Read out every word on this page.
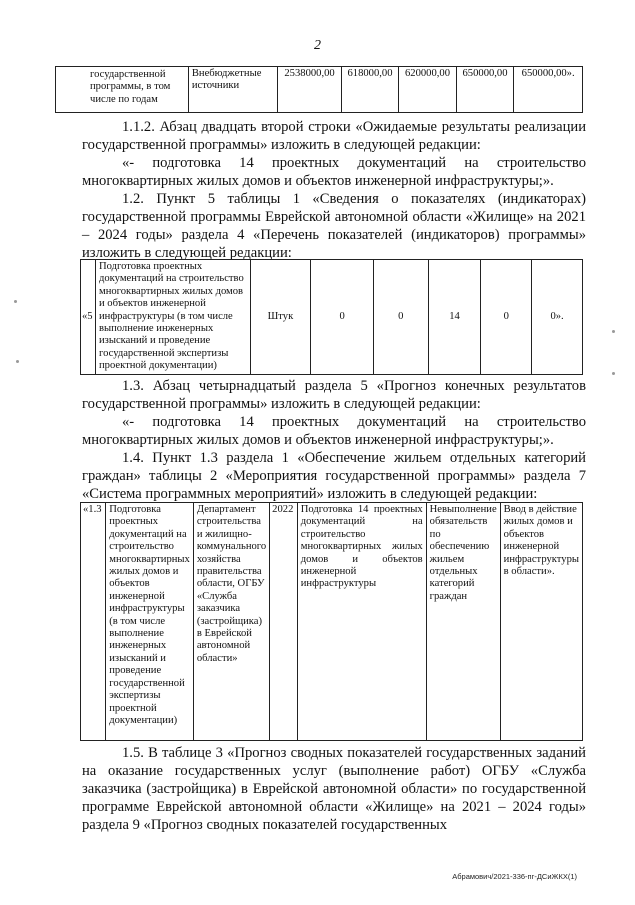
2
государственной программы, в том числе по годам	Внебюджетные источники	2538000,00	618000,00	620000,00	650000,00	650000,00».
1.1.2. Абзац двадцать второй строки «Ожидаемые результаты реализации государственной программы» изложить в следующей редакции:
«- подготовка 14 проектных документаций на строительство многоквартирных жилых домов и объектов инженерной инфраструктуры;».
1.2. Пункт 5 таблицы 1 «Сведения о показателях (индикаторах) государственной программы Еврейской автономной области «Жилище» на 2021 – 2024 годы» раздела 4 «Перечень показателей (индикаторов) программы» изложить в следующей редакции:
«5	Подготовка проектных документаций на строительство многоквартирных жилых домов и объектов инженерной инфраструктуры (в том числе выполнение инженерных изысканий и проведение государственной экспертизы проектной документации)	Штук	0	0	14	0	0».
1.3. Абзац четырнадцатый раздела 5 «Прогноз конечных результатов государственной программы» изложить в следующей редакции:
«- подготовка 14 проектных документаций на строительство многоквартирных жилых домов и объектов инженерной инфраструктуры;».
1.4. Пункт 1.3 раздела 1 «Обеспечение жильем отдельных категорий граждан» таблицы 2 «Мероприятия государственной программы» раздела 7 «Система программных мероприятий» изложить в следующей редакции:
«1.3	Подготовка проектных документаций на строительство многоквартирных жилых домов и объектов инженерной инфраструктуры (в том числе выполнение инженерных изысканий и проведение государственной экспертизы проектной документации)	Департамент строительства и жилищно-коммунального хозяйства правительства области, ОГБУ «Служба заказчика (застройщика) в Еврейской автономной области»	2022	Подготовка 14 проектных документаций на строительство многоквартирных жилых домов и объектов инженерной инфраструктуры	Невыполнение обязательств по обеспечению жильем отдельных категорий граждан	Ввод в действие жилых домов и объектов инженерной инфраструктуры в области».
1.5. В таблице 3 «Прогноз сводных показателей государственных заданий на оказание государственных услуг (выполнение работ) ОГБУ «Служба заказчика (застройщика) в Еврейской автономной области» по государственной программе Еврейской автономной области «Жилище» на 2021 – 2024 годы» раздела 9 «Прогноз сводных показателей государственных
Абрамович/2021-336-пг-ДСиЖКХ(1)
